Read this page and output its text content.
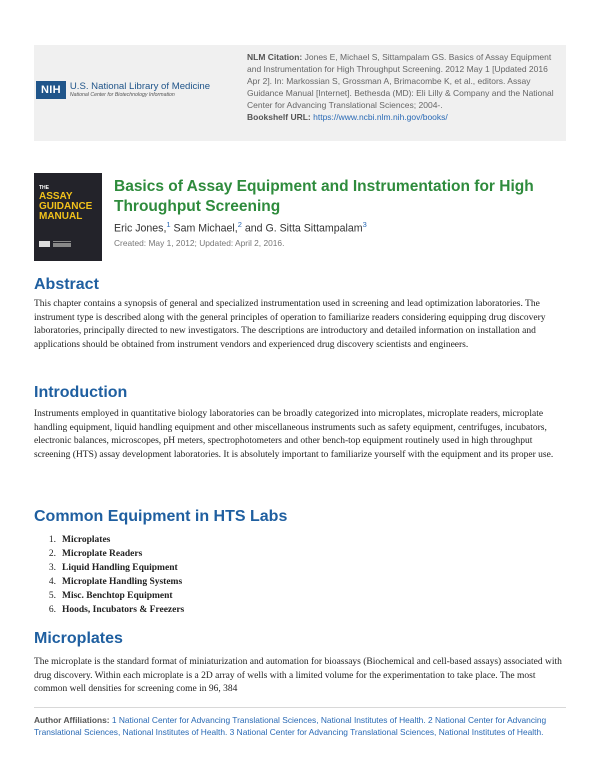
NIH U.S. National Library of Medicine
National Center for Biotechnology Information
NLM Citation: Jones E, Michael S, Sittampalam GS. Basics of Assay Equipment and Instrumentation for High Throughput Screening. 2012 May 1 [Updated 2016 Apr 2]. In: Markossian S, Grossman A, Brimacombe K, et al., editors. Assay Guidance Manual [Internet]. Bethesda (MD): Eli Lilly & Company and the National Center for Advancing Translational Sciences; 2004-.
Bookshelf URL: https://www.ncbi.nlm.nih.gov/books/
THE
ASSAY
GUIDANCE
MANUAL
Basics of Assay Equipment and Instrumentation for High Throughput Screening
Eric Jones,$^1$ Sam Michael,$^2$ and G. Sitta Sittampalam$^3$
Created: May 1, 2012; Updated: April 2, 2016.
Abstract

This chapter contains a synopsis of general and specialized instrumentation used in screening and lead optimization laboratories. The instrument type is described along with the general principles of operation to familiarize readers considering equipping drug discovery laboratories, principally directed to new investigators. The descriptions are introductory and detailed information on installation and applications should be obtained from instrument vendors and experienced drug discovery scientists and engineers.

Introduction

Instruments employed in quantitative biology laboratories can be broadly categorized into microplates, microplate readers, microplate handling equipment, liquid handling equipment and other miscellaneous instruments such as safety equipment, centrifuges, incubators, electronic balances, microscopes, pH meters, spectrophotometers and other bench-top equipment routinely used in high throughput screening (HTS) assay development laboratories. It is absolutely important to familiarize yourself with the equipment and its proper use.

Common Equipment in HTS Labs
1. Microplates
2. Microplate Readers
3. Liquid Handling Equipment
4. Microplate Handling Systems
5. Misc. Benchtop Equipment
6. Hoods, Incubators & Freezers
Microplates

The microplate is the standard format of miniaturization and automation for bioassays (Biochemical and cell-based assays) associated with drug discovery. Within each microplate is a 2D array of wells with a limited volume for the experimentation to take place. The most common well densities for screening come in 96, 384

Author Affiliations: 1 National Center for Advancing Translational Sciences, National Institutes of Health. 2 National Center for Advancing Translational Sciences, National Institutes of Health. 3 National Center for Advancing Translational Sciences, National Institutes of Health.
